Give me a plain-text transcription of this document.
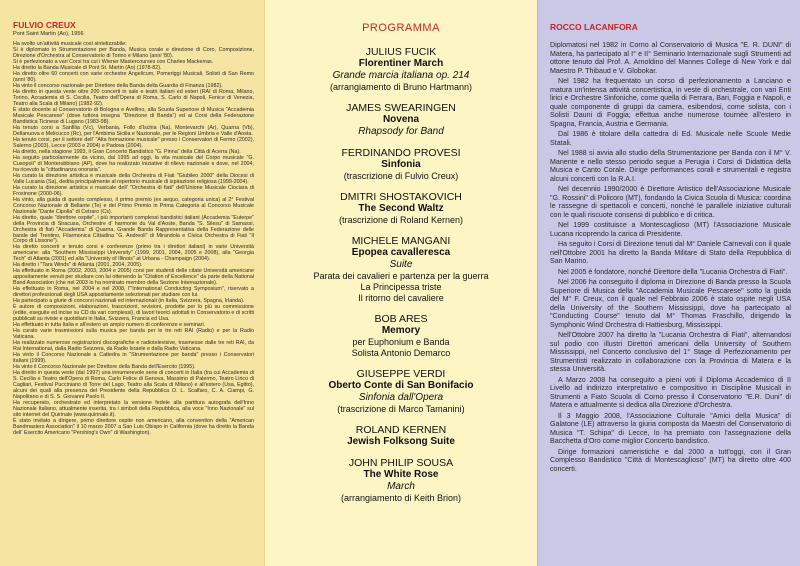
FULVIO CREUX
Pont Saint Martin (Ao), 1956

Ha svolto un'attività musicale così sintetizzabile:

Si è diplomato in Strumentazione per Banda, Musica corale e direzione di Coro, Composizione, Direzione d'Orchestra al Conservatorio di Torino e Milano (anni '80).

Si è perfezionato a vari Corsi tra cui i Wiener Mastercourses con Charles Mackerras.

Ha diretto la Banda Musicale di Pont St. Martin (Ao) (1978-82).

Ha diretto oltre 60 concerti con varie orchestre Angelicum, Pomeriggi Musicali, Solisti di San Remo (anni '80).

Ha vinto il concorso nazionale per Direttore della Banda della Guardia di Finanza (1982).

Ha diretto in questa veste oltre 200 concerti in sale e teatri italiani ed esteri (RAI di Roma, Milano, Torino, Accademia di S. Cecilia, Teatro dell'Opera di Roma, S. Carlo di Napoli, Fenice di Venezia, Teatro alla Scala di Milano) (1982-92).

È stato docente al Conservatorio di Bologna e Avellino, alla Scuola Superiore di Musica "Accademia Musicale Pescarese" (dove tuttora insegna "Direzione di Banda") ed ai Corsi della Federazione Bandistica Ticinese di Lugano (1983-98).

Ha tenuto corsi a Sanfilia (Vc), Verbania, Follo d'Ischia (Na), Montevarchi (Ar), Quarna (Vb), Dellanuova e Melicucco (Rc), per l'Ambima Sicilia e Nazionale, per le Regioni Umbria e Valle d'Aosta.

Ha tenuto corsi, per il settore dell' "Alta formazione musicale" presso i Conservatori di Fermo (2002), Salerno (2003), Lecce (2003 e 2004) e Padova (2004).

Ha diretto, nella stagione 1993, il Gran Concerto Bandistico "G. Pinna" della Città di Acerra (Na).

Ha seguito particolarmente da vicino, dal 1995 ad oggi, la vita musicale del Corpo musicale "G. Cusopoli" di Monterubbiano (AP), dove ha realizzato iniziative di rilievo nazionale e dove, nel 2004, ha ricevuto la "cittadinanza onoraria".

Ha curato la direzione artistica e musicale della Orchestra di Fiati "Giubileo 2000" della Diocesi di Valle Lucania (Sa), dedita principalmente al repertorio musicale di ispirazione religiosa (1999-2004).

Ha curato la direzione artistica e musicale dell' "Orchestra di fiati" dell'Unione Musicale Ciociara di Frosinone (2000-06).

Ha vinto, alla guida di questo complesso, il primo premio (ex aequo, categoria unica) al 2° Festival Concorso Nazionale di Bellante (Te) e del Primo Premio in Prima Categoria al Concorso Musicale Nazionale "Dante Cipolla" di Cetraro (Cs).

Ha diretto, quale "direttore ospite", i più importanti complessi bandistici italiani (Accademia "Euterpe" della Provincia di Siracusa, Orchestre d' harmonie du Val d'Aoste, Banda "S. Silesu" di Samassi, Orchestra di fiati "Accademia" di Quarna, Grande Banda Rappresentativa della Federazione delle bande del Trentino, Filarmonica Cittadina "G. Andreoli" di Mirandola e Civica Orchestra di Fiati "Il Corpo di Lissone").

Ha diretto concerti e tenuto corsi e conferenze (primo tra i direttori italiani) in varie Università americane: alla "Southern Mississippi University" (1999, 2001, 2004, 2005 e 2008), alla "Georgia Tech" di Atlanta (2001) ed alla "University of Illinois" at Urbana - Champaign (2004).

Ha diretto i "Tara Winds" di Atlanta (2001, 2004, 2005).

Ha effettuato in Roma (2002, 2003, 2004 e 2005) corsi per studenti delle citate Università americane appositamente venuti per studiare con lui ottenendo la "Citation of Excellence" da parte della National Band Association (che nel 2003 lo ha nominato membro della Sezione Internazionale).

Ha effettuato in Roma, nel 2004 e nel 2008, l'"International Conducting Symposium", riservato a direttori professionali degli USA appositamente selezionati per studiare con lui.

Ha partecipato a giurie di concorsi nazionali ed internazionali (in Italia, Svizzera, Spagna, Irlanda).

È autore di composizioni, elaborazioni, trascrizioni, revisioni, prodotte per lo più su commissione (edite, eseguite ed incise su CD da vari complessi), di lavori teorici adottati in Conservatorio e di scritti pubblicati su riviste e quotidiani in Italia, Svizzera, Francia ed Usa.

Ha effettuato in tutta Italia e all'estero un ampio numero di conferenze e seminari.

Ha curato varie trasmissioni sulla musica per banda per le tre reti RAI (Radio) e per la Radio Vaticana.

Ha realizzato numerose registrazioni discografiche e radiotelevisive, trasmesse dalle tre reti RAI, da Rai International, dalla Radio Svizzera, da Radio Israele e dalla Radio Vaticana.

Ha vinto il Concorso Nazionale a Cattedra in "Strumentazione per banda" presso i Conservatori italiani (1999).

Ha vinto il Concorso Nazionale per Direttore della Banda dell'Esercito (1995).

Ha diretto in questa veste (dal 1997) una innumerevole serie di concerti in Italia (tra cui Accademia di S. Cecilia e Teatro dell'Opera di Roma, Carlo Felice di Genova, Massimo di Palermo, Teatro Lirico di Cagliari, Festival Pucciniano di Torre del Lago, Teatro alla Scala di Milano) e all'estero (Usa, Egitto), alcuni dei quali alla presenza del Presidente della Repubblica O. L. Scalfaro, C. A. Ciampi, G. Napolitano e di S. S. Giovanni Paolo II.

Ha recuperato, orchestrato ed interpretato la versione fedele alla partitura autografa dell'Inno Nazionale Italiano, attualmente inserita, tra i simboli della Repubblica, alla voce "Inno Nazionale" sul sito internet del Quirinale (www.quirinale.it).

È stato invitato a dirigere, primo direttore ospite non americano, alla convention della "American Bandmasters Association" il 10 marzo 2007 a San Luis Obispo in California (dove ha diretto la Banda dell' Esercito Americano "Pershing's Own" di Washington).

PROGRAMMA
JULIUS FUCIK
Florentiner March
Grande marcia italiana op. 214
(arrangiamento di Bruno Hartmann)
JAMES SWEARINGEN
Novena
Rhapsody for Band
FERDINANDO PROVESI
Sinfonia
(trascrizione di Fulvio Creux)
DMITRI SHOSTAKOVICH
The Second Waltz
(trascrizione di Roland Kernen)
MICHELE MANGANI
Epopea cavalleresca
Suite
Parata dei cavalieri e partenza per la guerra
La Principessa triste
Il ritorno del cavaliere
BOB ARES
Memory
per Euphonium e Banda
Solista Antonio Demarco
GIUSEPPE VERDI
Oberto Conte di San Bonifacio
Sinfonia dall'Opera
(trascrizione di Marco Tamanini)
ROLAND KERNEN
Jewish Folksong Suite
JOHN PHILIP SOUSA
The White Rose
March
(arrangiamento di Keith Brion)
ROCCO LACANFORA

Diplomatosi nel 1982 in Corno al Conservatorio di Musica "E. R. DUNI" di Matera, ha partecipato al I° e II° Seminario Internazionale sugli Strumenti ad ottone tenuto dal Prof. A. Arnoldino del Mannes College di New York e dal Maestro P. Thibaud e V. Globokar.

Nel 1982 ha frequentato un corso di perfezionamento a Lanciano e matura un'intensa attività concertistica, in veste di orchestrale, con vari Enti lirici e Orchestre Sinfoniche, come quella di Ferrara, Bari, Foggia e Napoli, e quale componente di gruppi da camera, esibendosi, come solista, con i Solisti Dauni di Foggia; effettua anche numerose tournée all'estero in Spagna, Francia, Austria e Germania.

Dal 1986 è titolare della cattedra di Ed. Musicale nelle Scuole Medie Statali.

Nel 1988 si avvia allo studio della Strumentazione per Banda con il M° V. Manente e nello stesso periodo segue a Perugia i Corsi di Didattica della Musica e Canto Corale. Dirige performances corali e strumentali e registra alcuni concerti con la R.A.I.

Nel decennio 1990/2000 è Direttore Artistico dell'Associazione Musicale "G. Rossini" di Policoro (MT), fondando la Civica Scuola di Musica: coordina le rassegne di spettacoli e concerti, nonché le parallele iniziative culturali con le quali riscuote consensi di pubblico e di critica.

Nel 1999 costituisce a Montescaglioso (MT) l'Associazione Musicale Lucana ricoprendo la carica di Presidente.

Ha seguito i Corsi di Direzione tenuti dal M° Daniele Carnevali con il quale nell'Ottobre 2001 ha diretto la Banda Militare di Stato della Repubblica di San Marino.

Nel 2005 è fondatore, nonché Direttore della "Lucania Orchestra di Fiati".

Nel 2006 ha conseguito il diploma in Direzione di Banda presso la Scuola Superiore di Musica della "Accademia Musicale Pescarese" sotto la guida del M° F. Creux, con il quale nel Febbraio 2006 è stato ospite negli USA della University of the Southern Mississippi, dove ha partecipato al "Conducting Course" tenuto dal M° Thomas Fraschillo, dirigendo la Symphonic Wind Orchestra di Hattiesburg, Mississippi.

Nell'Ottobre 2007 ha diretto la "Lucania Orchestra di Fiati", alternandosi sul podio con illustri Direttori americani della University of Southern Mississippi, nel Concerto conclusivo del 1° Stage di Perfezionamento per Strumentisti realizzato in collaborazione con la Provincia di Matera e la stessa Università.

A Marzo 2008 ha conseguito a pieni voti il Diploma Accademico di II Livello ad indirizzo interpretativo e compositivo in Discipline Musicali in Strumenti a Fiato Scuola di Corno presso il Conservatorio "E.R. Duni" di Matera e attualmente si dedica alla Direzione d'Orchestra.

Il 3 Maggio 2008, l'Associazione Culturale "Amici della Musica" di Galatone (LE) attraverso la giuria composta da Maestri del Conservatorio di Musica "T. Schipa" di Lecce, lo ha premiato con l'assegnazione della Bacchetta d'Oro come miglior Concerto bandistico.

Dirige formazioni cameristiche e dal 2000 a tutt'oggi, con il Gran Complesso Bandistico "Città di Montescaglioso" (MT) ha diretto oltre 400 concerti.
